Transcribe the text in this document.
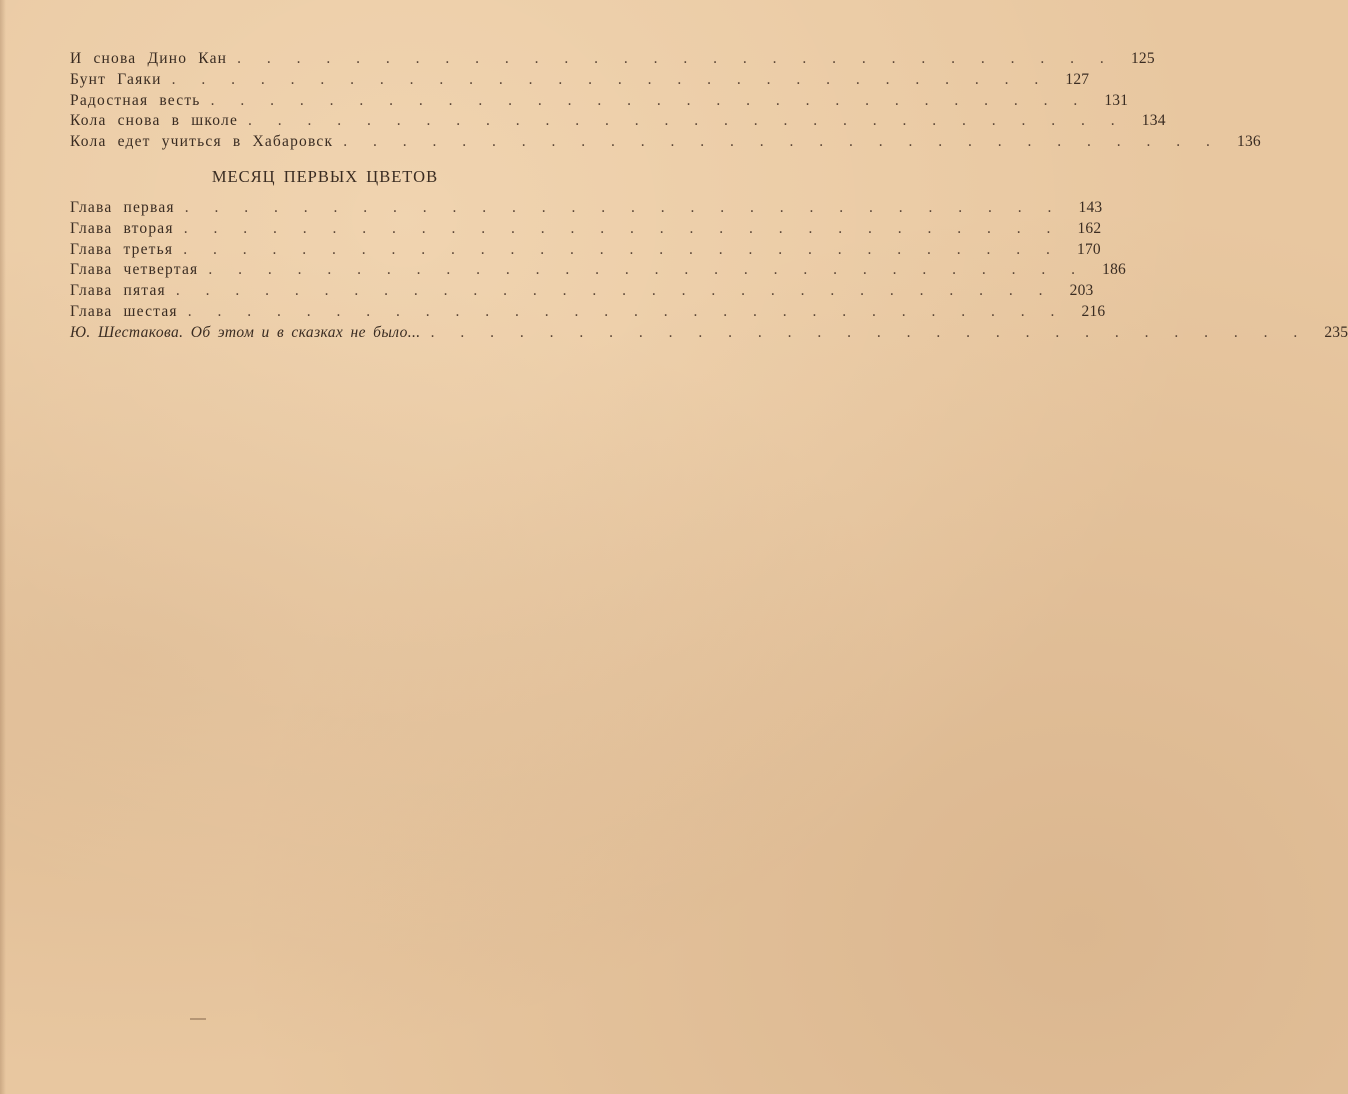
И снова Дино Кан . . . . . . . . . . . . . . . . . . . . . . . . . . . . . .	125
Бунт Гаяки . . . . . . . . . . . . . . . . . . . . . . . . . . . . . .	127
Радостная весть . . . . . . . . . . . . . . . . . . . . . . . . . . . . . .	131
Кола снова в школе . . . . . . . . . . . . . . . . . . . . . . . . . . . . . .	134
Кола едет учиться в Хабаровск . . . . . . . . . . . . . . . . . . . . . . . . . . . . . .	136
МЕСЯЦ ПЕРВЫХ ЦВЕТОВ
Глава первая . . . . . . . . . . . . . . . . . . . . . . . . . . . . . .	143
Глава вторая . . . . . . . . . . . . . . . . . . . . . . . . . . . . . .	162
Глава третья . . . . . . . . . . . . . . . . . . . . . . . . . . . . . .	170
Глава четвертая . . . . . . . . . . . . . . . . . . . . . . . . . . . . . .	186
Глава пятая . . . . . . . . . . . . . . . . . . . . . . . . . . . . . .	203
Глава шестая . . . . . . . . . . . . . . . . . . . . . . . . . . . . . .	216
Ю. Шестакова. Об этом и в сказках не было... . . . . . . . . . . . . . . . . . . . . . . . . . . . . . .	235
